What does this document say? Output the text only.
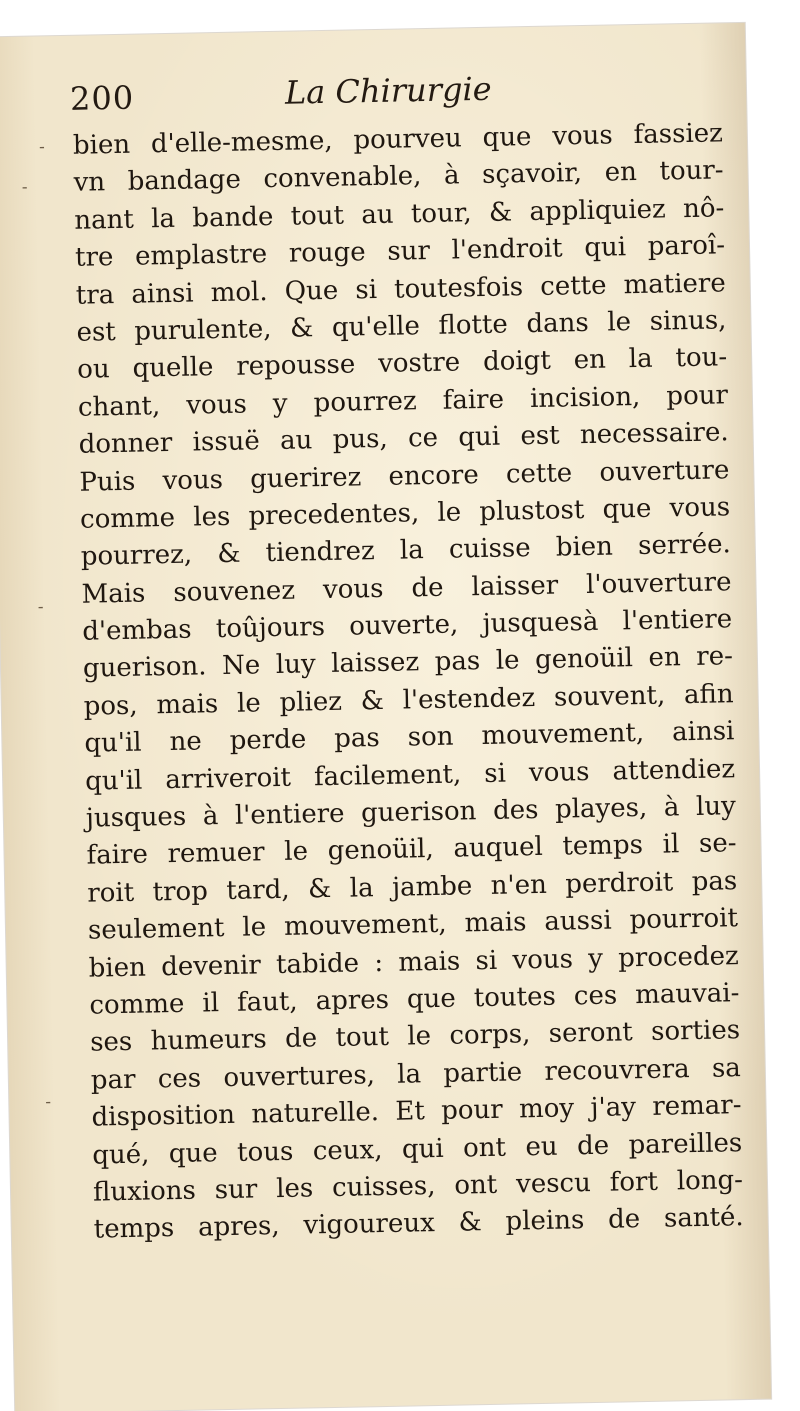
200	La Chirurgie
˗
˗
˗
˗
bien d'elle-mesme, pourveu que vous fassiez
vn bandage convenable, à sçavoir, en tour-
nant la bande tout au tour, & appliquiez nô-
tre emplastre rouge sur l'endroit qui paroî-
tra ainsi mol. Que si toutesfois cette matiere
est purulente, & qu'elle flotte dans le sinus,
ou quelle repousse vostre doigt en la tou-
chant, vous y pourrez faire incision, pour
donner issuë au pus, ce qui est necessaire.
Puis vous guerirez encore cette ouverture
comme les precedentes, le plustost que vous
pourrez, & tiendrez la cuisse bien serrée.
Mais souvenez vous de laisser l'ouverture
d'embas toûjours ouverte, jusquesà l'entiere
guerison. Ne luy laissez pas le genoüil en re-
pos, mais le pliez & l'estendez souvent, afin
qu'il ne perde pas son mouvement, ainsi
qu'il arriveroit facilement, si vous attendiez
jusques à l'entiere guerison des playes, à luy
faire remuer le genoüil, auquel temps il se-
roit trop tard, & la jambe n'en perdroit pas
seulement le mouvement, mais aussi pourroit
bien devenir tabide : mais si vous y procedez
comme il faut, apres que toutes ces mauvai-
ses humeurs de tout le corps, seront sorties
par ces ouvertures, la partie recouvrera sa
disposition naturelle. Et pour moy j'ay remar-
qué, que tous ceux, qui ont eu de pareilles
fluxions sur les cuisses, ont vescu fort long-
temps apres, vigoureux & pleins de santé.
